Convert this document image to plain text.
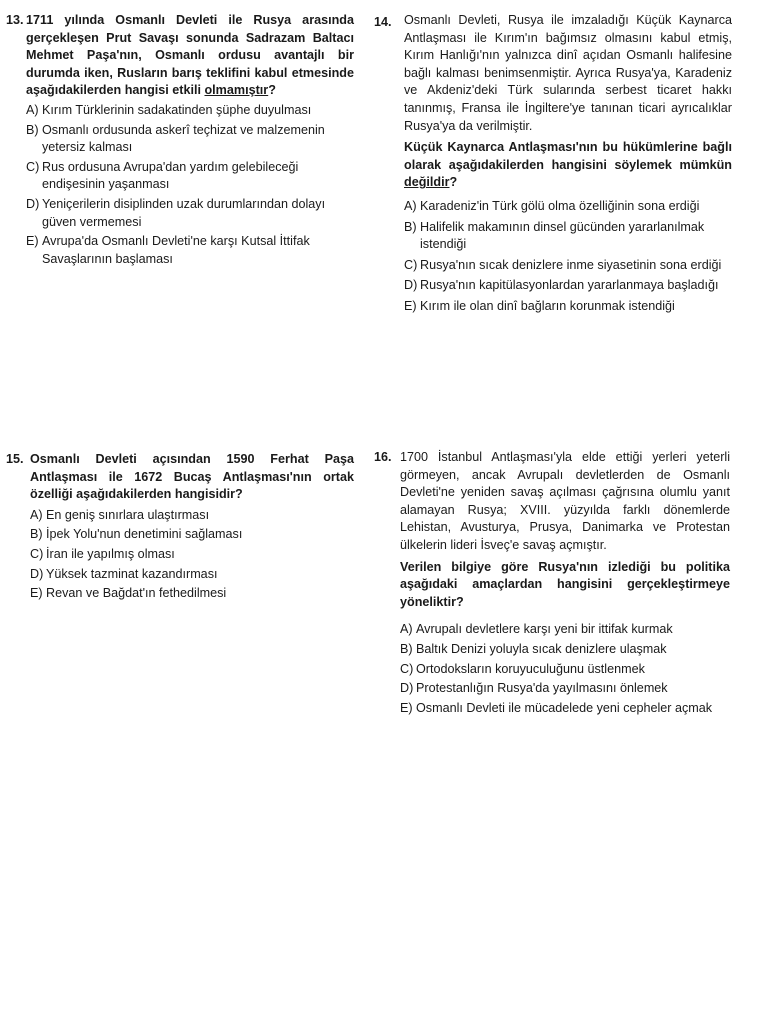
13. 1711 yılında Osmanlı Devleti ile Rusya arasında gerçekleşen Prut Savaşı sonunda Sadrazam Baltacı Mehmet Paşa'nın, Osmanlı ordusu avantajlı bir durumda iken, Rusların barış teklifini kabul etmesinde aşağıdakilerden hangisi etkili olmamıştır?

A) Kırım Türklerinin sadakatinden şüphe duyulması
B) Osmanlı ordusunda askerî teçhizat ve malzemenin yetersiz kalması
C) Rus ordusuna Avrupa'dan yardım gelebileceği endişesinin yaşanması
D) Yeniçerilerin disiplinden uzak durumlarından dolayı güven vermemesi
E) Avrupa'da Osmanlı Devleti'ne karşı Kutsal İttifak Savaşlarının başlaması
14. Osmanlı Devleti, Rusya ile imzaladığı Küçük Kaynarca Antlaşması ile Kırım'ın bağımsız olmasını kabul etmiş, Kırım Hanlığı'nın yalnızca dinî açıdan Osmanlı halifesine bağlı kalması benimsenmiştir. Ayrıca Rusya'ya, Karadeniz ve Akdeniz'deki Türk sularında serbest ticaret hakkı tanınmış, Fransa ile İngiltere'ye tanınan ticari ayrıcalıklar Rusya'ya da verilmiştir.

Küçük Kaynarca Antlaşması'nın bu hükümlerine bağlı olarak aşağıdakilerden hangisini söylemek mümkün değildir?

A) Karadeniz'in Türk gölü olma özelliğinin sona erdiği
B) Halifelik makamının dinsel gücünden yararlanılmak istendiği
C) Rusya'nın sıcak denizlere inme siyasetinin sona erdiği
D) Rusya'nın kapitülasyonlardan yararlanmaya başladığı
E) Kırım ile olan dinî bağların korunmak istendiği
15. Osmanlı Devleti açısından 1590 Ferhat Paşa Antlaşması ile 1672 Bucaş Antlaşması'nın ortak özelliği aşağıdakilerden hangisidir?

A) En geniş sınırlara ulaştırması
B) İpek Yolu'nun denetimini sağlaması
C) İran ile yapılmış olması
D) Yüksek tazminat kazandırması
E) Revan ve Bağdat'ın fethedilmesi
16. 1700 İstanbul Antlaşması'yla elde ettiği yerleri yeterli görmeyen, ancak Avrupalı devletlerden de Osmanlı Devleti'ne yeniden savaş açılması çağrısına olumlu yanıt alamayan Rusya; XVIII. yüzyılda farklı dönemlerde Lehistan, Avusturya, Prusya, Danimarka ve Protestan ülkelerin lideri İsveç'e savaş açmıştır.

Verilen bilgiye göre Rusya'nın izlediği bu politika aşağıdaki amaçlardan hangisini gerçekleştirmeye yöneliktir?

A) Avrupalı devletlere karşı yeni bir ittifak kurmak
B) Baltık Denizi yoluyla sıcak denizlere ulaşmak
C) Ortodoksların koruyuculuğunu üstlenmek
D) Protestanlığın Rusya'da yayılmasını önlemek
E) Osmanlı Devleti ile mücadelede yeni cepheler açmak
